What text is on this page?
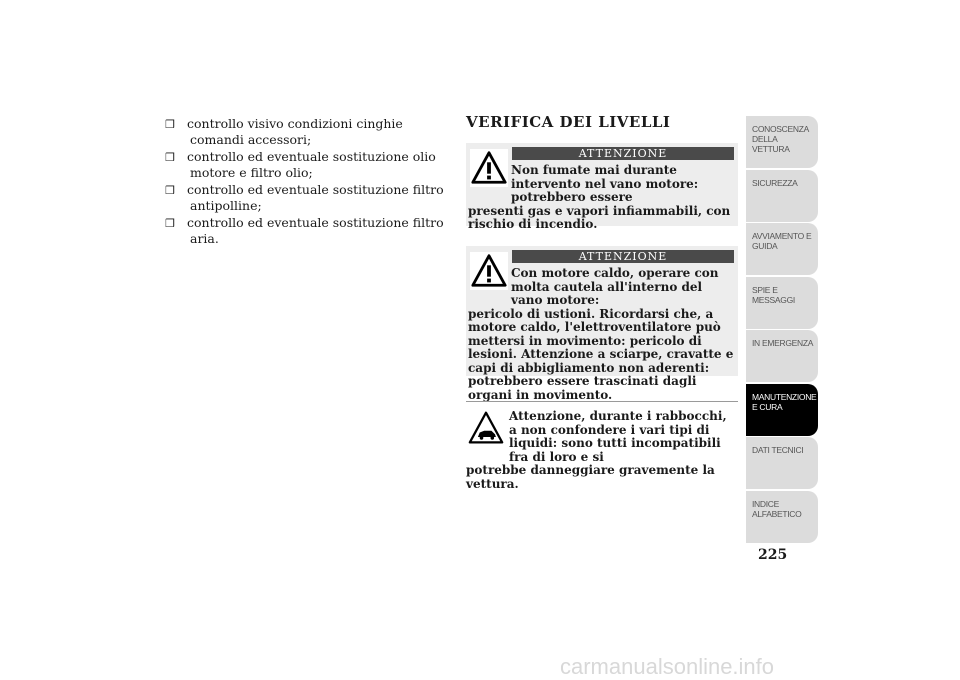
❒ controllo visivo condizioni cinghie comandi accessori;
❒ controllo ed eventuale sostituzione olio motore e filtro olio;
❒ controllo ed eventuale sostituzione filtro antipolline;
❒ controllo ed eventuale sostituzione filtro aria.
VERIFICA DEI LIVELLI
ATTENZIONE
Non fumate mai durante intervento nel vano motore: potrebbero essere
presenti gas e vapori infiammabili, con rischio di incendio.
ATTENZIONE
Con motore caldo, operare con molta cautela all'interno del vano motore:
pericolo di ustioni. Ricordarsi che, a motore caldo, l'elettroventilatore può mettersi in movimento: pericolo di lesioni. Attenzione a sciarpe, cravatte e capi di abbigliamento non aderenti: potrebbero essere trascinati dagli organi in movimento.
Attenzione, durante i rabbocchi, a non confondere i vari tipi di liquidi: sono tutti incompatibili fra di loro e si
potrebbe danneggiare gravemente la vettura.
CONOSCENZA DELLA VETTURA
SICUREZZA
AVVIAMENTO E GUIDA
SPIE E MESSAGGI
IN EMERGENZA
MANUTENZIONE E CURA
DATI TECNICI
INDICE ALFABETICO
225
carmanualsonline.info
